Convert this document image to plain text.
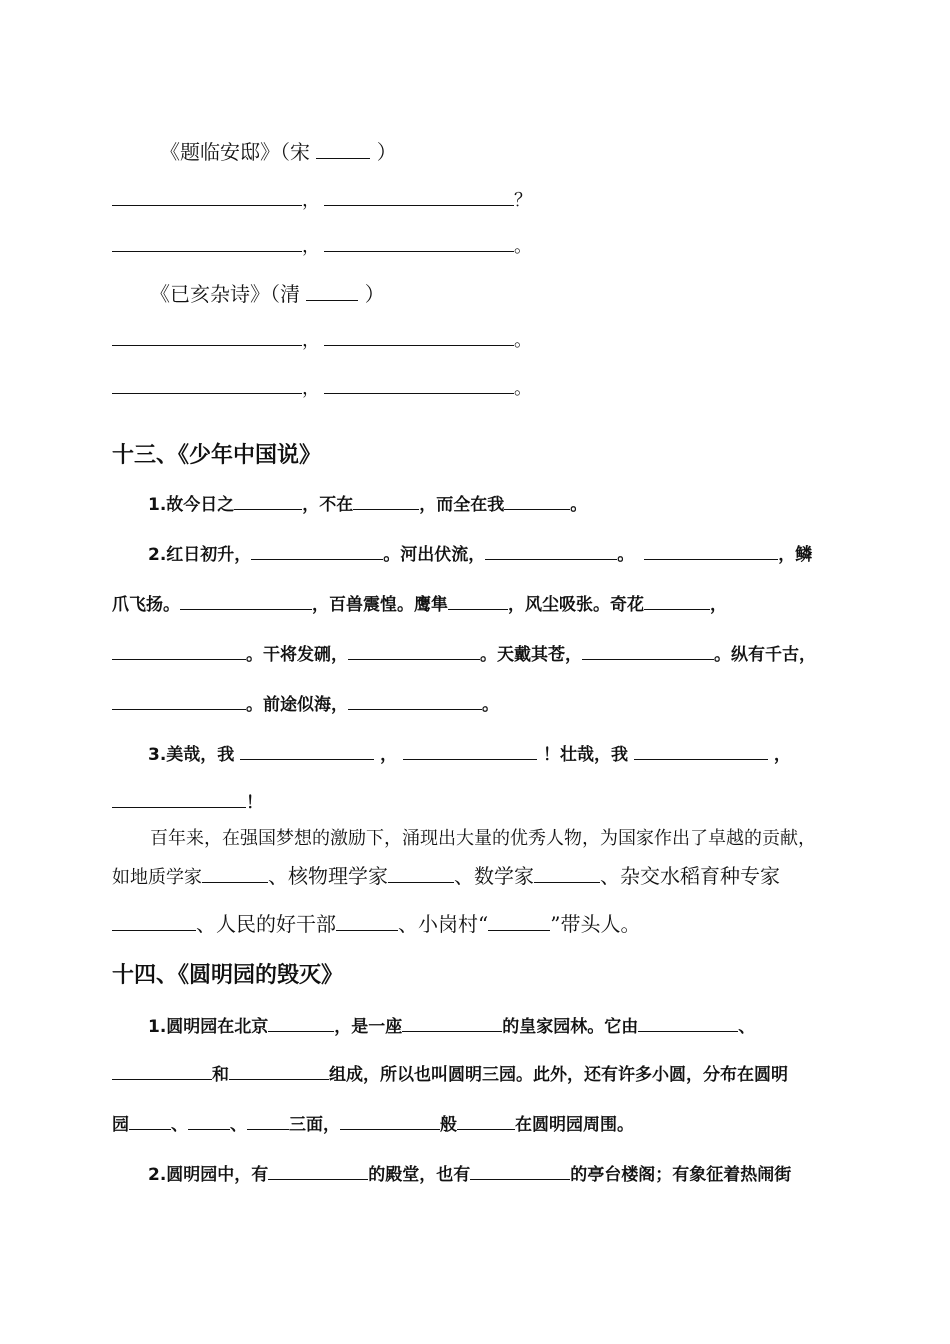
《题临安邸》（宋	）
，	？
，	。
《已亥杂诗》（清	）
，	。
，	。
十三、《少年中国说》
1.故今日之	，不在	，而全在我	。
2.红日初升，	。河出伏流，	。	，鳞
爪飞扬。	，百兽震惶。鹰隼	，风尘吸张。奇花	，
。干将发硎，	。天戴其苍，	。纵有千古，
。前途似海，	。
3.美哉，我	，	！壮哉，我	，
！
百年来，在强国梦想的激励下，涌现出大量的优秀人物，为国家作出了卓越的贡献，
如地质学家	、核物理学家	、数学家	、杂交水稻育种专家
、人民的好干部	、小岗村“	”带头人。
十四、《圆明园的毁灭》
1.圆明园在北京	，是一座	的皇家园林。它由	、
和	组成，所以也叫圆明三园。此外，还有许多小圆，分布在圆明
园 、 、 三面，	般	在圆明园周围。
2.圆明园中，有	的殿堂，也有	的亭台楼阁；有象征着热闹街
